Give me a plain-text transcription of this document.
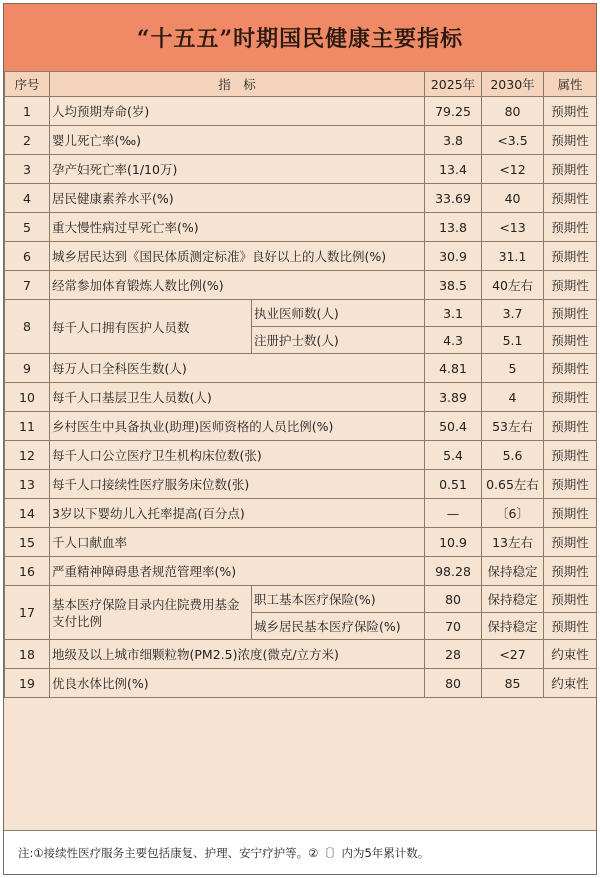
“十五五”时期国民健康主要指标
序号	指　标		2025年	2030年	属性
1	人均预期寿命(岁)		79.25	80	预期性
2	婴儿死亡率(‰)		3.8	<3.5	预期性
3	孕产妇死亡率(1/10万)		13.4	<12	预期性
4	居民健康素养水平(%)		33.69	40	预期性
5	重大慢性病过早死亡率(%)		13.8	<13	预期性
6	城乡居民达到《国民体质测定标准》良好以上的人数比例(%)		30.9	31.1	预期性
7	经常参加体育锻炼人数比例(%)		38.5	40左右	预期性
8	每千人口拥有医护人员数	执业医师数(人)	3.1	3.7	预期性
		注册护士数(人)	4.3	5.1	预期性
9	每万人口全科医生数(人)		4.81	5	预期性
10	每千人口基层卫生人员数(人)		3.89	4	预期性
11	乡村医生中具备执业(助理)医师资格的人员比例(%)		50.4	53左右	预期性
12	每千人口公立医疗卫生机构床位数(张)		5.4	5.6	预期性
13	每千人口接续性医疗服务床位数(张)		0.51	0.65左右	预期性
14	3岁以下婴幼儿入托率提高(百分点)		—	〔6〕	预期性
15	千人口献血率		10.9	13左右	预期性
16	严重精神障碍患者规范管理率(%)		98.28	保持稳定	预期性
17	基本医疗保险目录内住院费用基金支付比例	职工基本医疗保险(%)	80	保持稳定	预期性
		城乡居民基本医疗保险(%)	70	保持稳定	预期性
18	地级及以上城市细颗粒物(PM2.5)浓度(微克/立方米)		28	<27	约束性
19	优良水体比例(%)		80	85	约束性
注:①接续性医疗服务主要包括康复、护理、安宁疗护等。②〔〕内为5年累计数。
